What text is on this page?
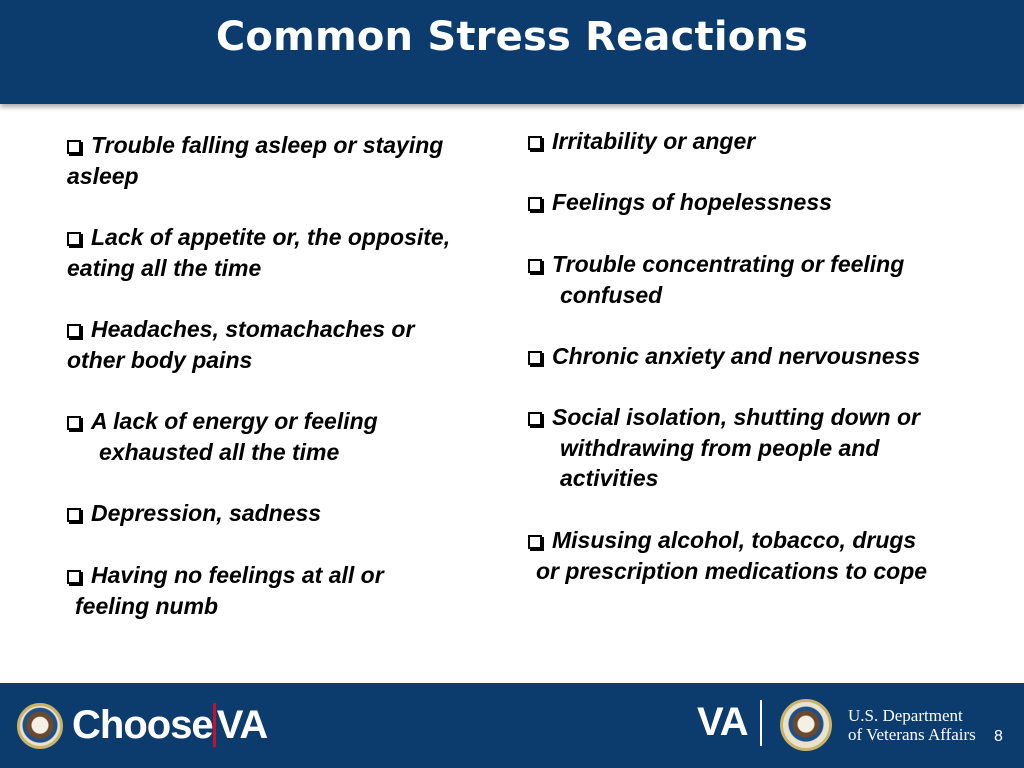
Common Stress Reactions
Trouble falling asleep or staying
asleep
Lack of appetite or, the opposite,
eating all the time
Headaches, stomachaches or
other body pains
A lack of energy or feeling
exhausted all the time
Depression, sadness
Having no feelings at all or
feeling numb
Irritability or anger
Feelings of hopelessness
Trouble concentrating or feeling
confused
Chronic anxiety and nervousness
Social isolation, shutting down or
withdrawing from people and
activities
Misusing alcohol, tobacco, drugs
or prescription medications to cope
Choose VA	VA	U.S. Department
of Veterans Affairs 8
